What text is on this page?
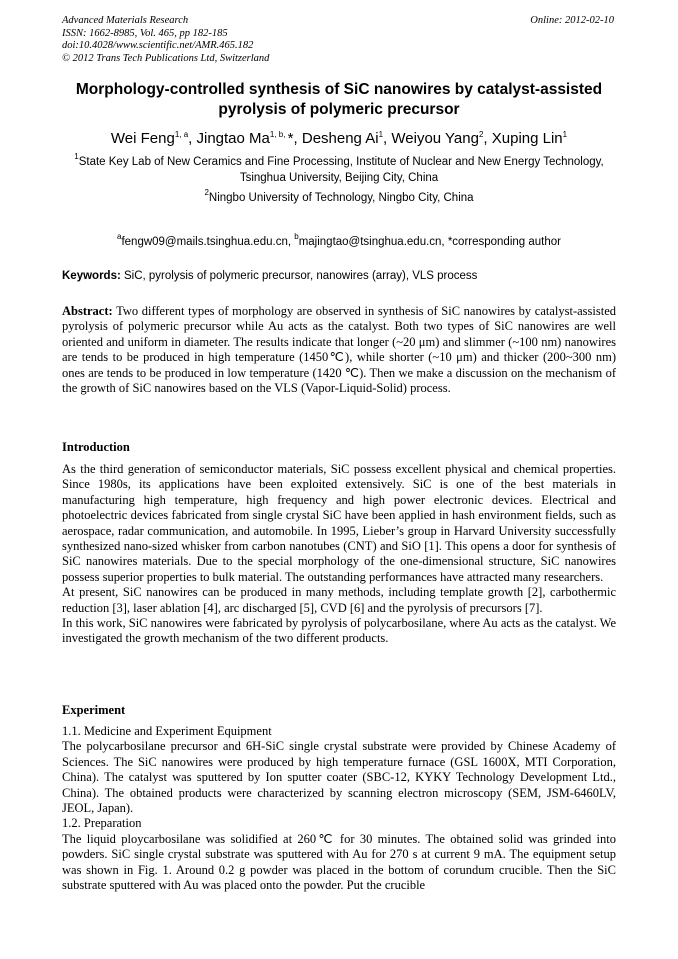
Advanced Materials Research
ISSN: 1662-8985, Vol. 465, pp 182-185
doi:10.4028/www.scientific.net/AMR.465.182
© 2012 Trans Tech Publications Ltd, Switzerland
Online: 2012-02-10
Morphology-controlled synthesis of SiC nanowires by catalyst-assisted pyrolysis of polymeric precursor
Wei Feng$^{1, a}$, Jingtao $Ma^{1, b,}$ *, Desheng Ai$^1$, Weiyou Yang$^2$, Xuping Lin$^1$
$^1$State Key Lab of New Ceramics and Fine Processing, Institute of Nuclear and New Energy Technology, Tsinghua University, Beijing City, China
$^2$Ningbo University of Technology, Ningbo City, China
$^a$fengw09@mails.tsinghua.edu.cn, $^b$majingtao@tsinghua.edu.cn, *corresponding author
Keywords: SiC, pyrolysis of polymeric precursor, nanowires (array), VLS process

Abstract: Two different types of morphology are observed in synthesis of SiC nanowires by catalyst-assisted pyrolysis of polymeric precursor while Au acts as the catalyst. Both two types of SiC nanowires are well oriented and uniform in diameter. The results indicate that longer (~20 μm) and slimmer (~100 nm) nanowires are tends to be produced in high temperature (1450℃), while shorter (~10 μm) and thicker (200~300 nm) ones are tends to be produced in low temperature (1420 ℃). Then we make a discussion on the mechanism of the growth of SiC nanowires based on the VLS (Vapor-Liquid-Solid) process.

Introduction

As the third generation of semiconductor materials, SiC possess excellent physical and chemical properties. Since 1980s, its applications have been exploited extensively. SiC is one of the best materials in manufacturing high temperature, high frequency and high power electronic devices. Electrical and photoelectric devices fabricated from single crystal SiC have been applied in hash environment fields, such as aerospace, radar communication, and automobile. In 1995, Lieber’s group in Harvard University successfully synthesized nano-sized whisker from carbon nanotubes (CNT) and SiO [1]. This opens a door for synthesis of SiC nanowires materials. Due to the special morphology of the one-dimensional structure, SiC nanowires possess superior properties to bulk material. The outstanding performances have attracted many researchers.

At present, SiC nanowires can be produced in many methods, including template growth [2], carbothermic reduction [3], laser ablation [4], arc discharged [5], CVD [6] and the pyrolysis of precursors [7].

In this work, SiC nanowires were fabricated by pyrolysis of polycarbosilane, where Au acts as the catalyst. We investigated the growth mechanism of the two different products.

Experiment

1.1. Medicine and Experiment Equipment

The polycarbosilane precursor and 6H-SiC single crystal substrate were provided by Chinese Academy of Sciences. The SiC nanowires were produced by high temperature furnace (GSL 1600X, MTI Corporation, China). The catalyst was sputtered by Ion sputter coater (SBC-12, KYKY Technology Development Ltd., China). The obtained products were characterized by scanning electron microscopy (SEM, JSM-6460LV, JEOL, Japan).

1.2. Preparation

The liquid ploycarbosilane was solidified at 260℃ for 30 minutes. The obtained solid was grinded into powders. SiC single crystal substrate was sputtered with Au for 270 s at current 9 mA. The equipment setup was shown in Fig. 1. Around 0.2 g powder was placed in the bottom of corundum crucible. Then the SiC substrate sputtered with Au was placed onto the powder. Put the crucible
